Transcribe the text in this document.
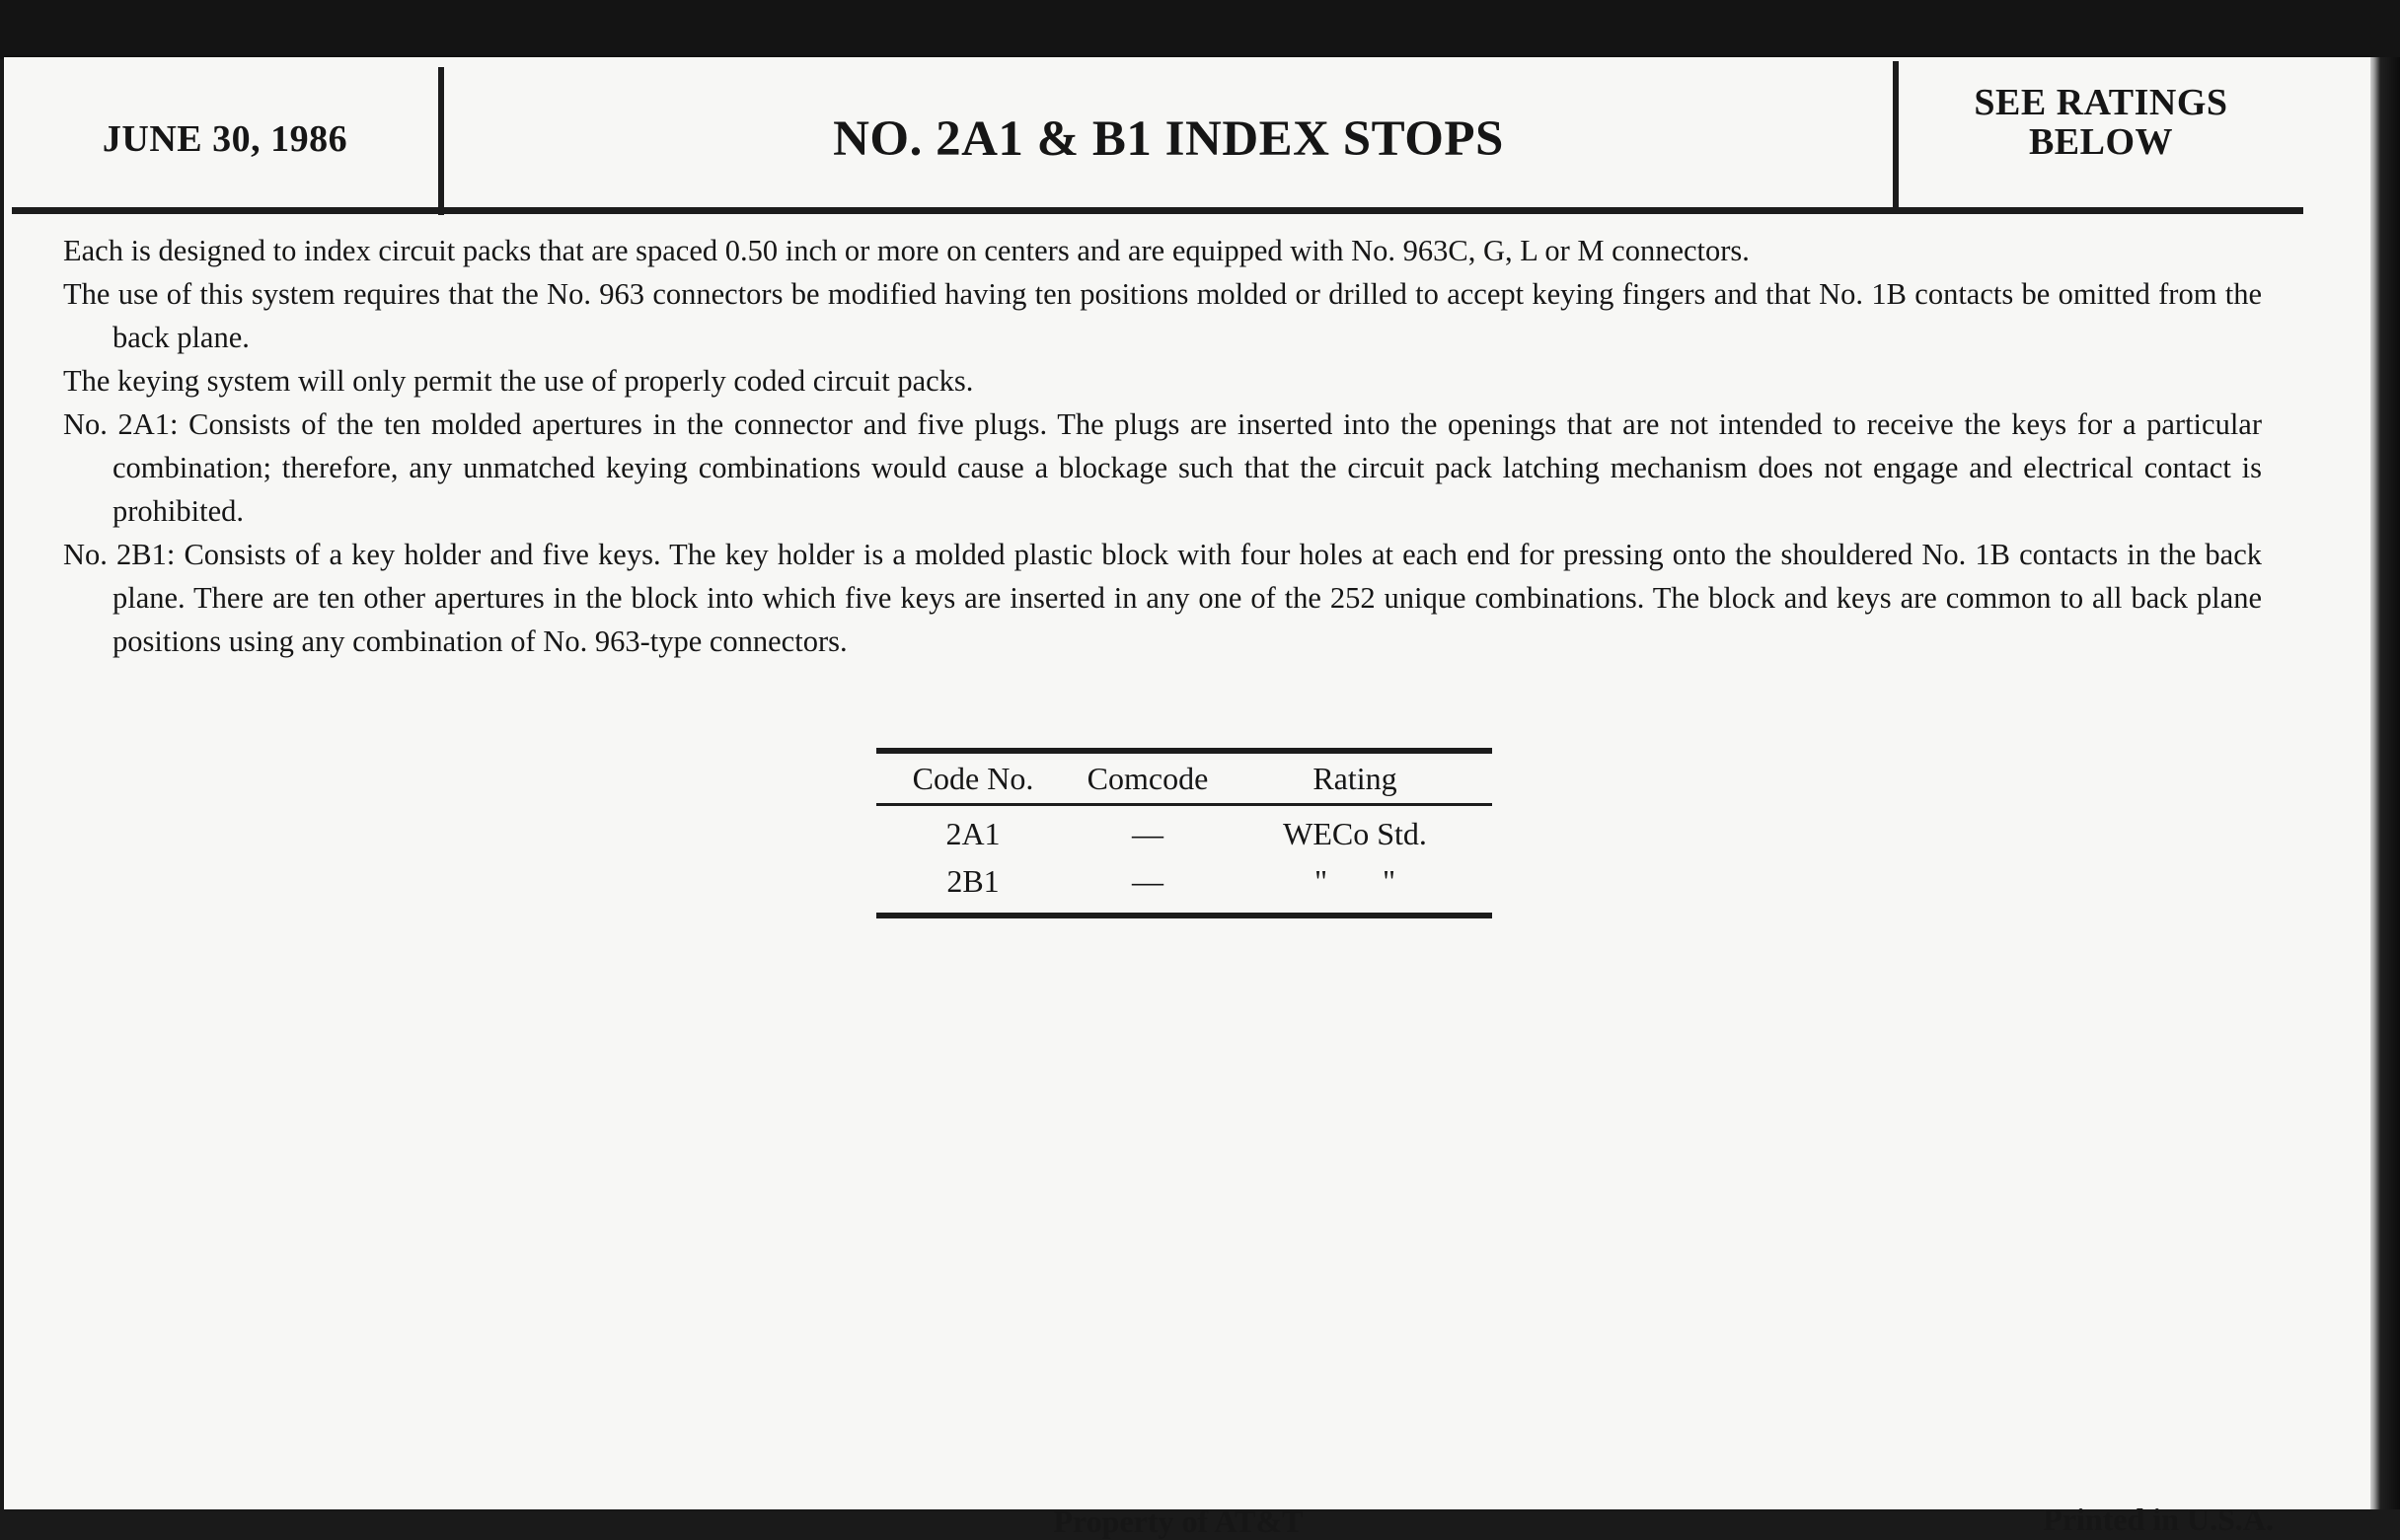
JUNE 30, 1986	NO. 2A1 & B1 INDEX STOPS
SEE RATINGS
BELOW

Each is designed to index circuit packs that are spaced 0.50 inch or more on centers and are equipped with No. 963C, G, L or M connectors.

The use of this system requires that the No. 963 connectors be modified having ten positions molded or drilled to accept keying fingers and that No. 1B contacts be omitted from the back plane.

The keying system will only permit the use of properly coded circuit packs.

No. 2A1: Consists of the ten molded apertures in the connector and five plugs. The plugs are inserted into the openings that are not intended to receive the keys for a particular combination; therefore, any unmatched keying combinations would cause a blockage such that the circuit pack latching mechanism does not engage and electrical contact is prohibited.

No. 2B1: Consists of a key holder and five keys. The key holder is a molded plastic block with four holes at each end for pressing onto the shouldered No. 1B contacts in the back plane. There are ten other apertures in the block into which five keys are inserted in any one of the 252 unique combinations. The block and keys are common to all back plane positions using any combination of No. 963-type connectors.

Code No.	Comcode	Rating
2A1	—	WECo Std.
2B1	—	"       "
Property of AT&T	Printed in U.S.A.
